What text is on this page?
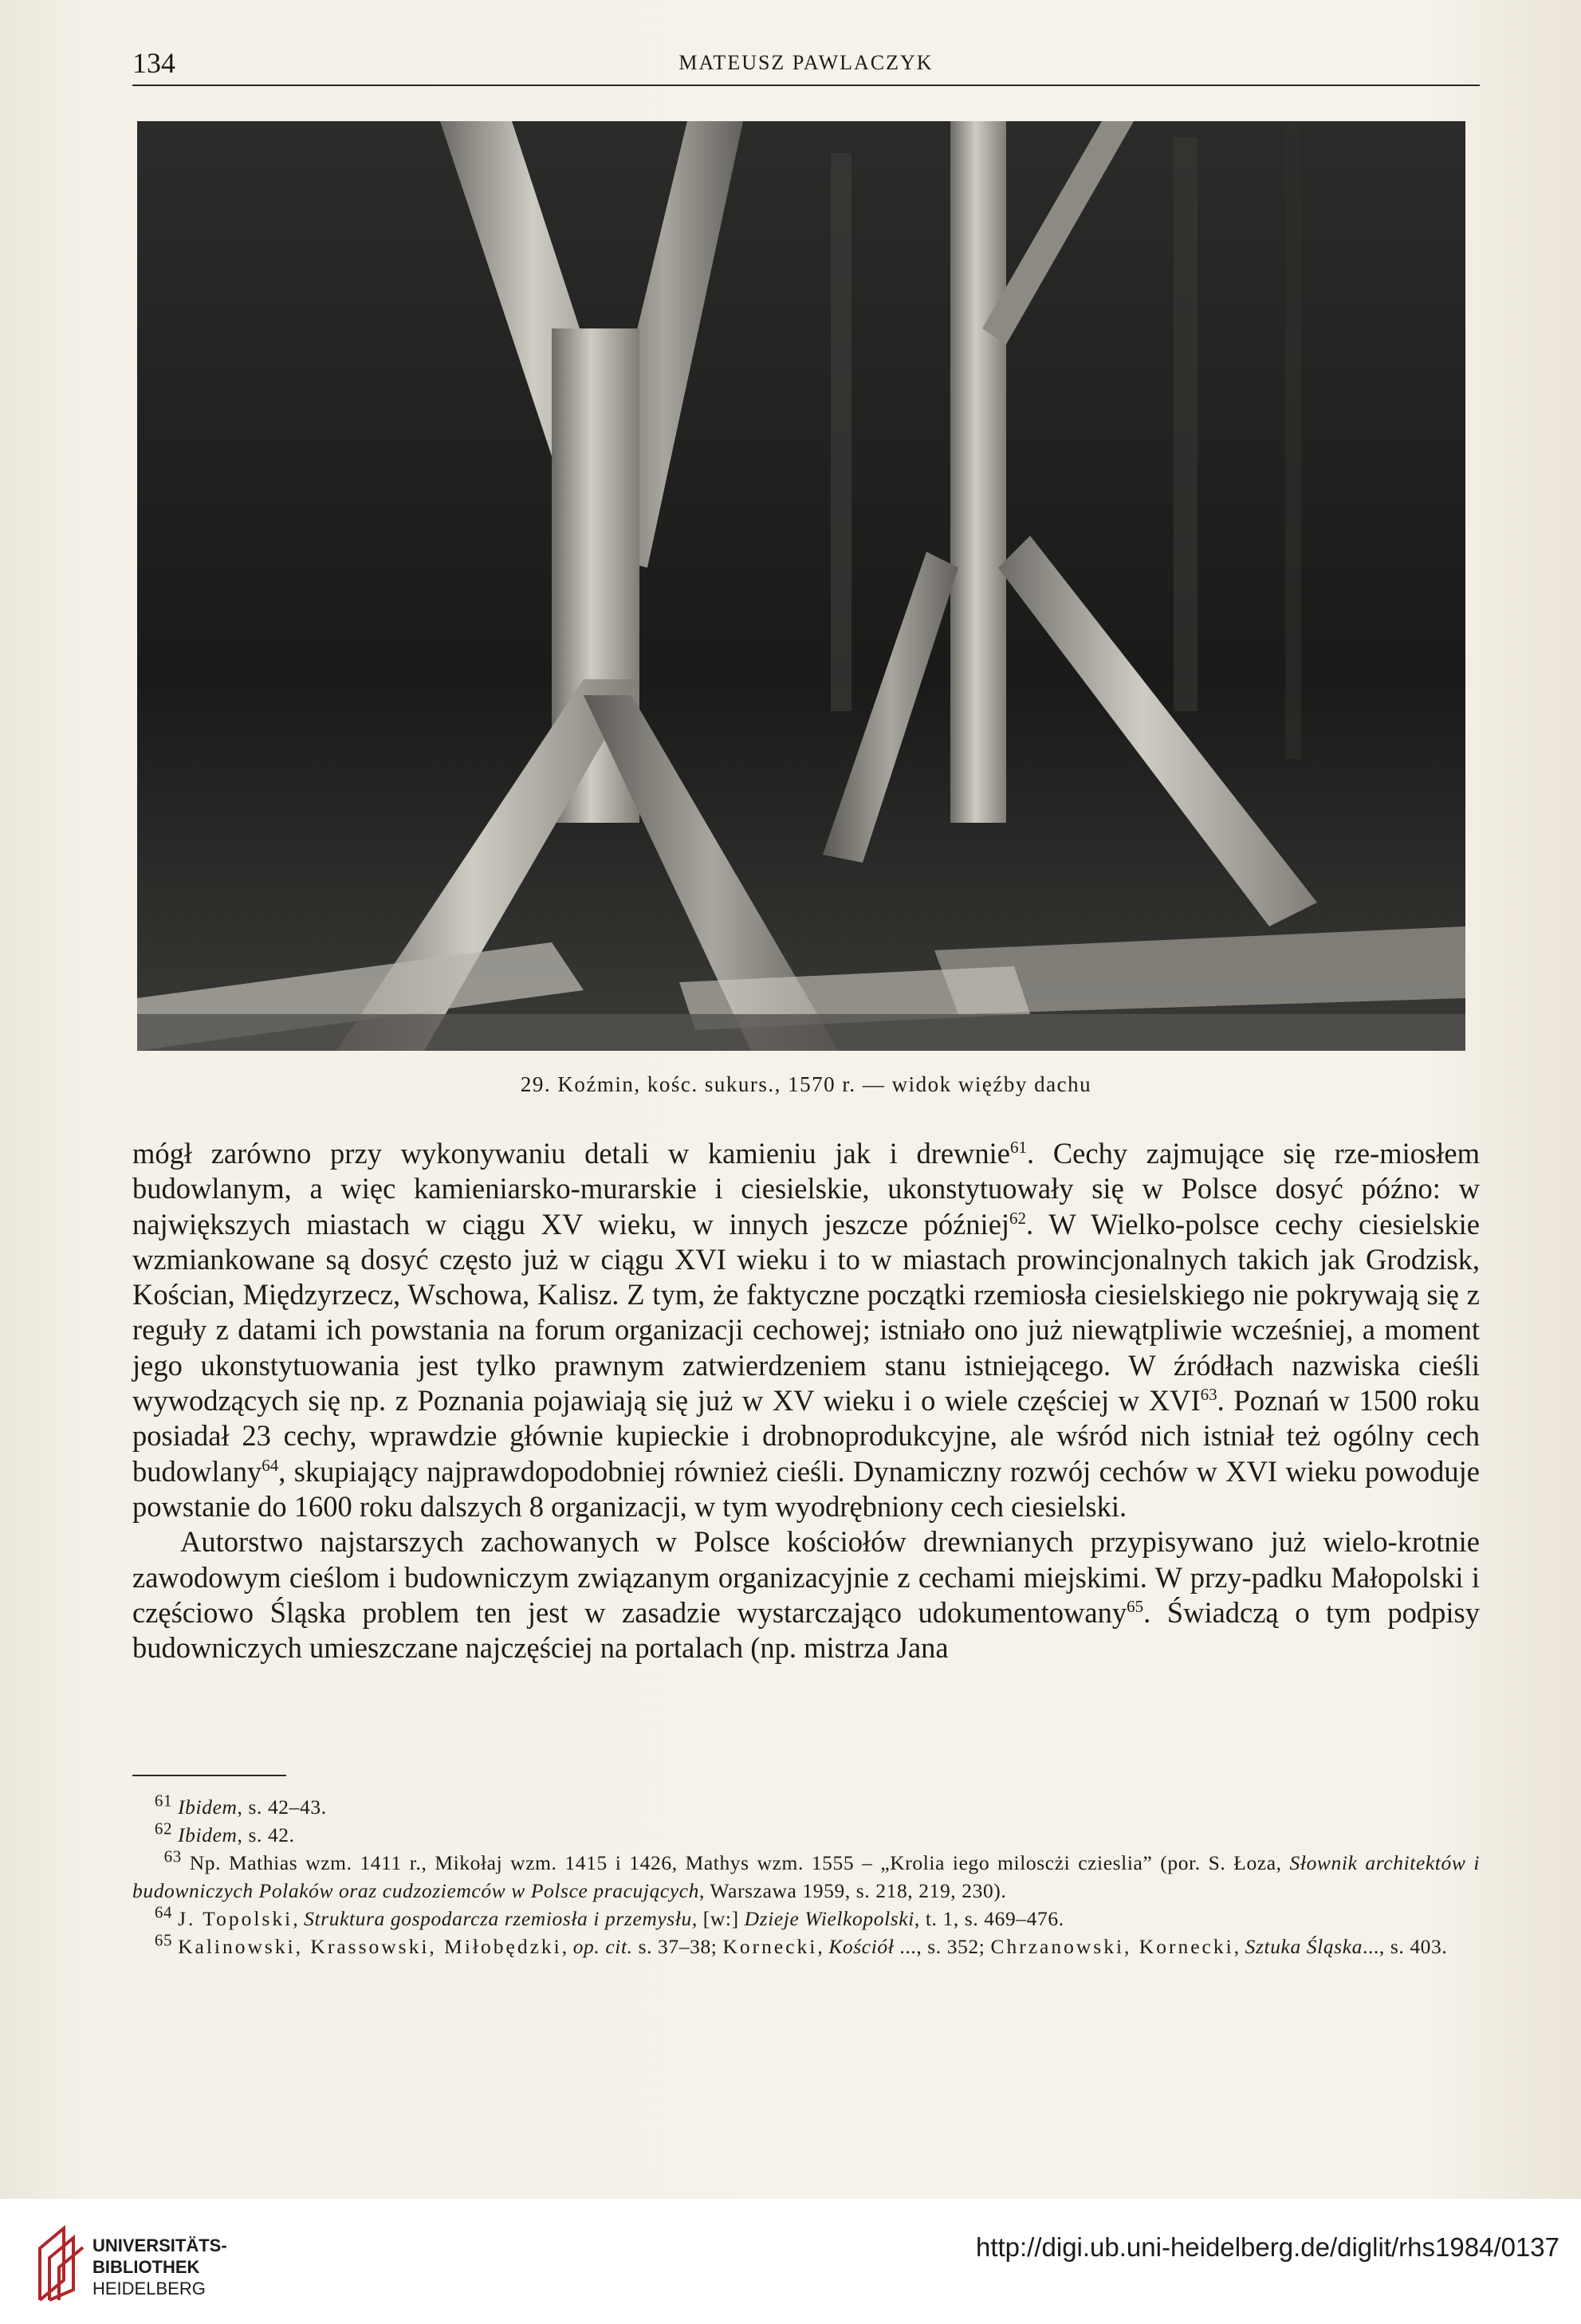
134	MATEUSZ PAWLACZYK
29. Koźmin, kośc. sukurs., 1570 r. — widok więźby dachu

mógł zarówno przy wykonywaniu detali w kamieniu jak i drewnie$^{61}$. Cechy zajmujące się rze-miosłem budowlanym, a więc kamieniarsko-murarskie i ciesielskie, ukonstytuowały się w Polsce dosyć późno: w największych miastach w ciągu XV wieku, w innych jeszcze później$^{62}$. W Wielko-polsce cechy ciesielskie wzmiankowane są dosyć często już w ciągu XVI wieku i to w miastach prowincjonalnych takich jak Grodzisk, Kościan, Międzyrzecz, Wschowa, Kalisz. Z tym, że faktyczne początki rzemiosła ciesielskiego nie pokrywają się z reguły z datami ich powstania na forum organizacji cechowej; istniało ono już niewątpliwie wcześniej, a moment jego ukonstytuowania jest tylko prawnym zatwierdzeniem stanu istniejącego. W źródłach nazwiska cieśli wywodzących się np. z Poznania pojawiają się już w XV wieku i o wiele częściej w XVI$^{63}$. Poznań w 1500 roku posiadał 23 cechy, wprawdzie głównie kupieckie i drobnoprodukcyjne, ale wśród nich istniał też ogólny cech budowlany$^{64}$, skupiający najprawdopodobniej również cieśli. Dynamiczny rozwój cechów w XVI wieku powoduje powstanie do 1600 roku dalszych 8 organizacji, w tym wyodrębniony cech ciesielski.

Autorstwo najstarszych zachowanych w Polsce kościołów drewnianych przypisywano już wielo-krotnie zawodowym cieślom i budowniczym związanym organizacyjnie z cechami miejskimi. W przy-padku Małopolski i częściowo Śląska problem ten jest w zasadzie wystarczająco udokumentowany$^{65}$. Świadczą o tym podpisy budowniczych umieszczane najczęściej na portalach (np. mistrza Jana

$^{61}$ Ibidem, s. 42–43.

$^{62}$ Ibidem, s. 42.

$^{63}$ Np. Mathias wzm. 1411 r., Mikołaj wzm. 1415 i 1426, Mathys wzm. 1555 – „Krolia iego miloscżi czieslia” (por. S. Łoza, Słownik architektów i budowniczych Polaków oraz cudzoziemców w Polsce pracujących, Warszawa 1959, s. 218, 219, 230).

$^{64}$ J. Topolski, Struktura gospodarcza rzemiosła i przemysłu, [w:] Dzieje Wielkopolski, t. 1, s. 469–476.

$^{65}$ Kalinowski, Krassowski, Miłobędzki, op. cit. s. 37–38; Kornecki, Kościół ..., s. 352; Chrzanowski, Kornecki, Sztuka Śląska..., s. 403.

UNIVERSITÄTS-
BIBLIOTHEK
HEIDELBERG
http://digi.ub.uni-heidelberg.de/diglit/rhs1984/0137
